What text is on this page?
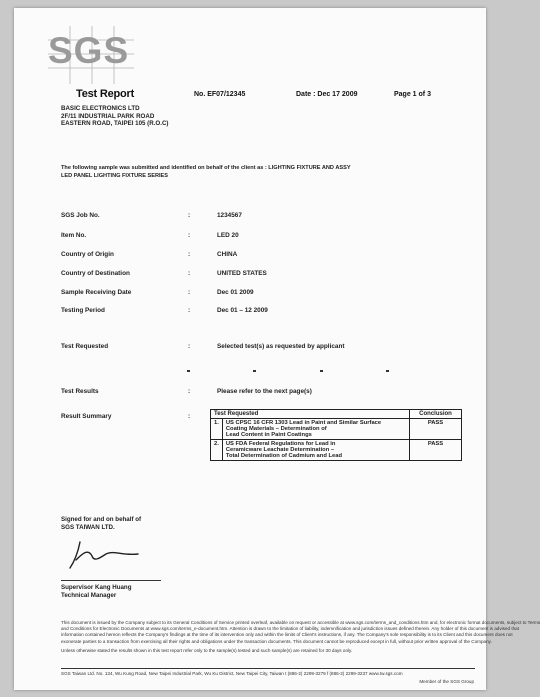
SGS
Test Report	No. EF07/12345	Date : Dec 17 2009	Page 1 of 3
BASIC ELECTRONICS LTD
2F/11 INDUSTRIAL PARK ROAD
EASTERN ROAD, TAIPEI 105 (R.O.C)
The following sample was submitted and identified on behalf of the client as : LIGHTING FIXTURE AND ASSY
LED PANEL LIGHTING FIXTURE SERIES
SGS Job No.	:	1234567
Item No.	:	LED 20
Country of Origin	:	CHINA
Country of Destination	:	UNITED STATES
Sample Receiving Date	:	Dec 01 2009
Testing Period	:	Dec 01 – 12 2009
Test Requested	:	Selected test(s) as requested by applicant
Test Results	:	Please refer to the next page(s)
Result Summary	:	Test Requested		Conclusion
1.	US CPSC 16 CFR 1303 Lead in Paint and Similar Surface
Coating Materials – Determination of
Lead Content in Paint Coatings	PASS
2.	US FDA Federal Regulations for Lead in
Ceramicware Leachate Determination –
Total Determination of Cadmium and Lead	PASS
Signed for and on behalf of
SGS TAIWAN LTD.
Supervisor Kang Huang
Technical Manager
This document is issued by the Company subject to its General Conditions of Service printed overleaf, available on request or accessible at www.sgs.com/terms_and_conditions.htm and, for electronic format documents, subject to Terms
and Conditions for Electronic Documents at www.sgs.com/terms_e-document.htm. Attention is drawn to the limitation of liability, indemnification and jurisdiction issues defined therein. Any holder of this document is advised that
information contained hereon reflects the Company's findings at the time of its intervention only and within the limits of Client's instructions, if any. The Company's sole responsibility is to its Client and this document does not
exonerate parties to a transaction from exercising all their rights and obligations under the transaction documents. This document cannot be reproduced except in full, without prior written approval of the Company.
Unless otherwise stated the results shown in this test report refer only to the sample(s) tested and such sample(s) are retained for 30 days only.
SGS Taiwan Ltd. No. 134, Wu Kung Road, New Taipei Industrial Park, Wu Ku District, New Taipei City, Taiwan t (886-2) 2299-3279 f (886-2) 2299-3237 www.tw.sgs.com
Member of the SGS Group
